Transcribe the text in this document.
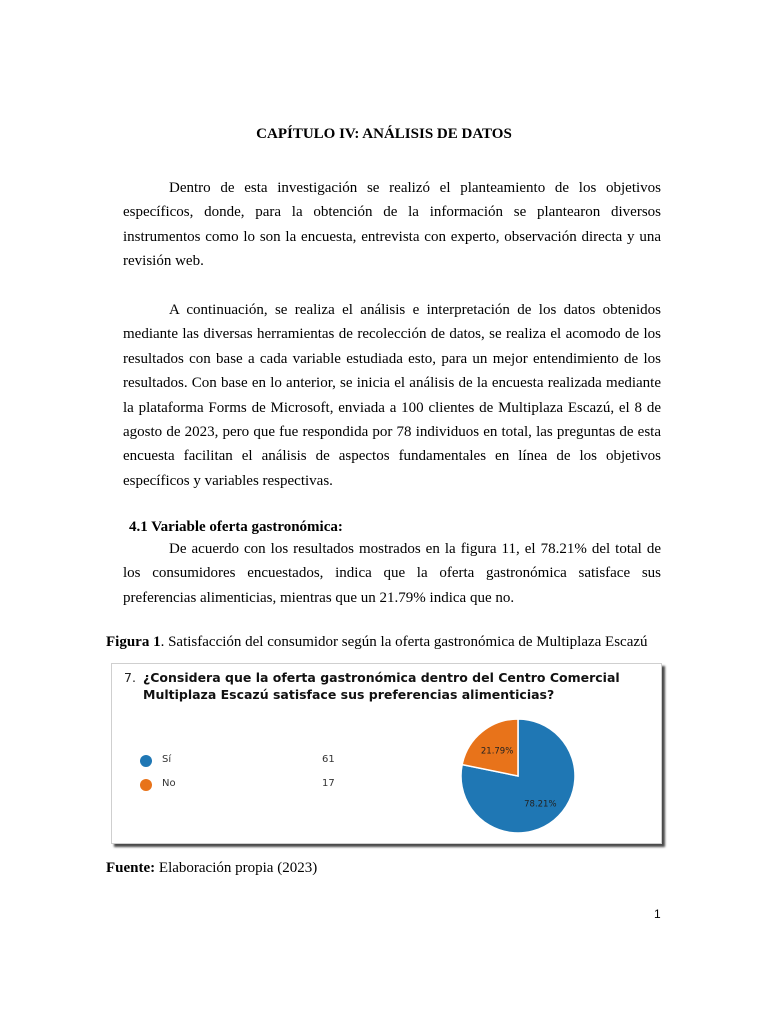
CAPÍTULO IV: ANÁLISIS DE DATOS

Dentro de esta investigación se realizó el planteamiento de los objetivos específicos, donde, para la obtención de la información se plantearon diversos instrumentos como lo son la encuesta, entrevista con experto, observación directa y una revisión web.

A continuación, se realiza el análisis e interpretación de los datos obtenidos mediante las diversas herramientas de recolección de datos, se realiza el acomodo de los resultados con base a cada variable estudiada esto, para un mejor entendimiento de los resultados. Con base en lo anterior, se inicia el análisis de la encuesta realizada mediante la plataforma Forms de Microsoft, enviada a 100 clientes de Multiplaza Escazú, el 8 de agosto de 2023, pero que fue respondida por 78 individuos en total, las preguntas de esta encuesta facilitan el análisis de aspectos fundamentales en línea de los objetivos específicos y variables respectivas.

4.1 Variable oferta gastronómica:

De acuerdo con los resultados mostrados en la figura 11, el 78.21% del total de los consumidores encuestados, indica que la oferta gastronómica satisface sus preferencias alimenticias, mientras que un 21.79% indica que no.

Figura 1. Satisfacción del consumidor según la oferta gastronómica de Multiplaza Escazú
7. ¿Considera que la oferta gastronómica dentro del Centro Comercial Multiplaza Escazú satisface sus preferencias alimenticias?
Sí	61
No	17
78.21%
21.79%
Fuente: Elaboración propia (2023)
1
